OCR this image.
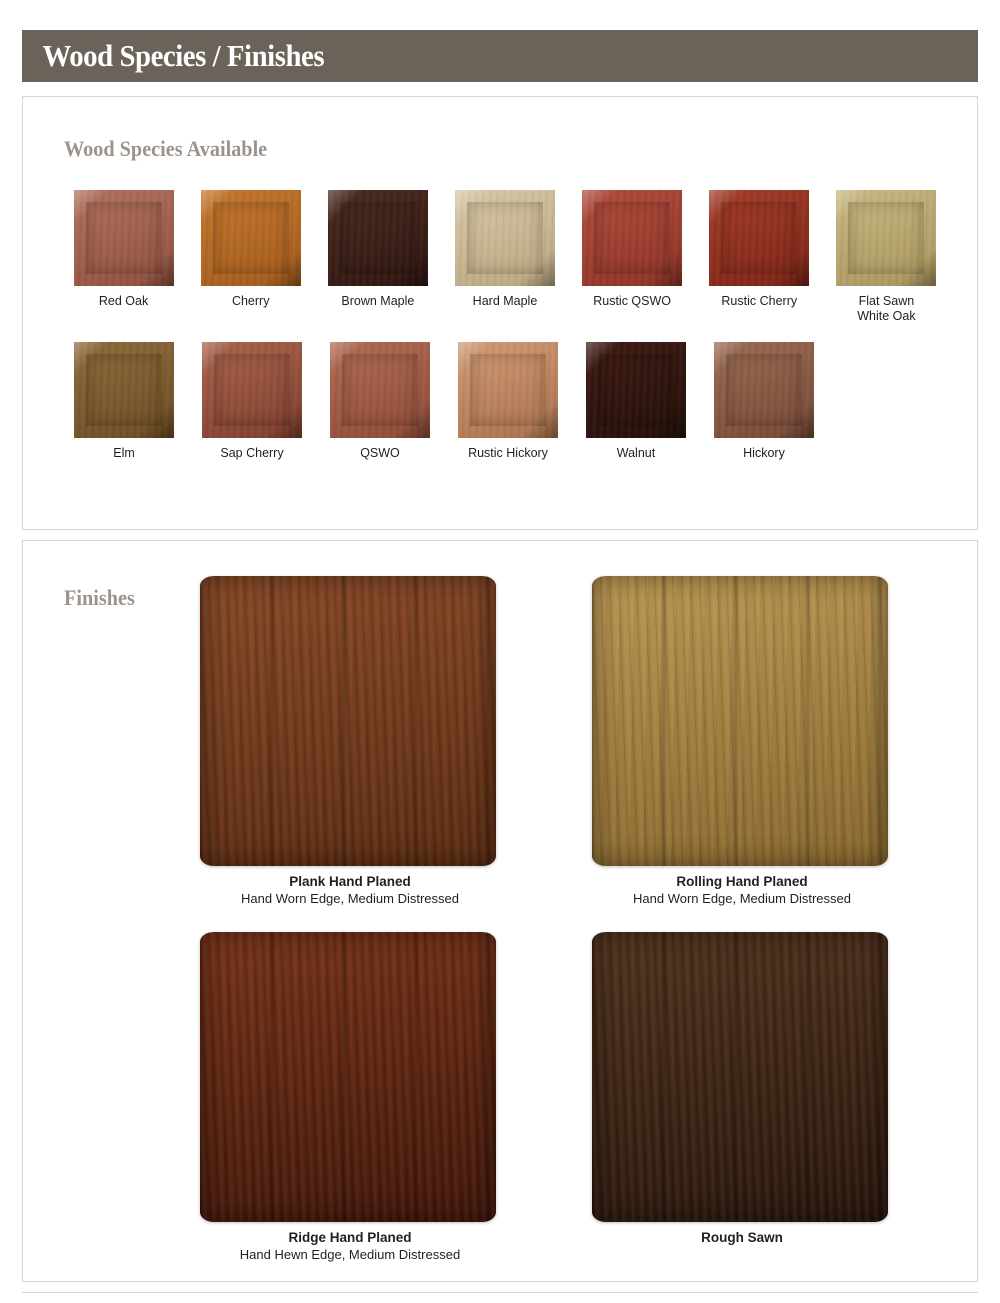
Wood Species / Finishes
Wood Species Available
Red Oak	Cherry	Brown Maple	Hard Maple	Rustic QSWO	Rustic Cherry	Flat Sawn
White Oak
Elm	Sap Cherry	QSWO	Rustic Hickory	Walnut	Hickory
Finishes
Plank Hand Planed
Hand Worn Edge, Medium Distressed
Rolling Hand Planed
Hand Worn Edge, Medium Distressed
Ridge Hand Planed
Hand Hewn Edge, Medium Distressed
Rough Sawn
